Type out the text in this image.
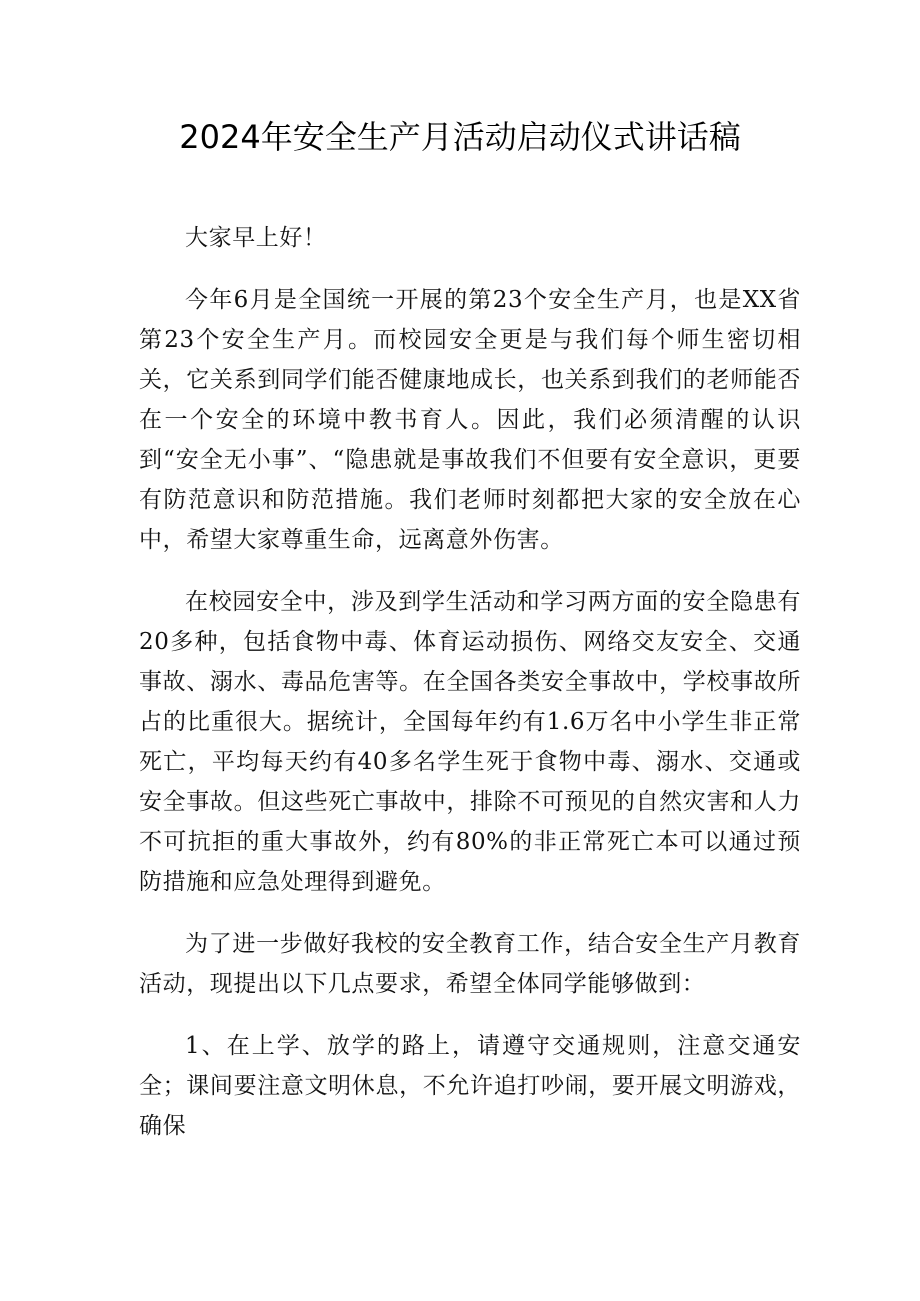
2024年安全生产月活动启动仪式讲话稿

大家早上好！

今年6月是全国统一开展的第23个安全生产月，也是XX省第23个安全生产月。而校园安全更是与我们每个师生密切相关，它关系到同学们能否健康地成长，也关系到我们的老师能否在一个安全的环境中教书育人。因此，我们必须清醒的认识到“安全无小事”、“隐患就是事故我们不但要有安全意识，更要有防范意识和防范措施。我们老师时刻都把大家的安全放在心中，希望大家尊重生命，远离意外伤害。

在校园安全中，涉及到学生活动和学习两方面的安全隐患有20多种，包括食物中毒、体育运动损伤、网络交友安全、交通事故、溺水、毒品危害等。在全国各类安全事故中，学校事故所占的比重很大。据统计，全国每年约有1.6万名中小学生非正常死亡，平均每天约有40多名学生死于食物中毒、溺水、交通或安全事故。但这些死亡事故中，排除不可预见的自然灾害和人力不可抗拒的重大事故外，约有80%的非正常死亡本可以通过预防措施和应急处理得到避免。

为了进一步做好我校的安全教育工作，结合安全生产月教育活动，现提出以下几点要求，希望全体同学能够做到：

1、在上学、放学的路上，请遵守交通规则，注意交通安全；课间要注意文明休息，不允许追打吵闹，要开展文明游戏，确保
